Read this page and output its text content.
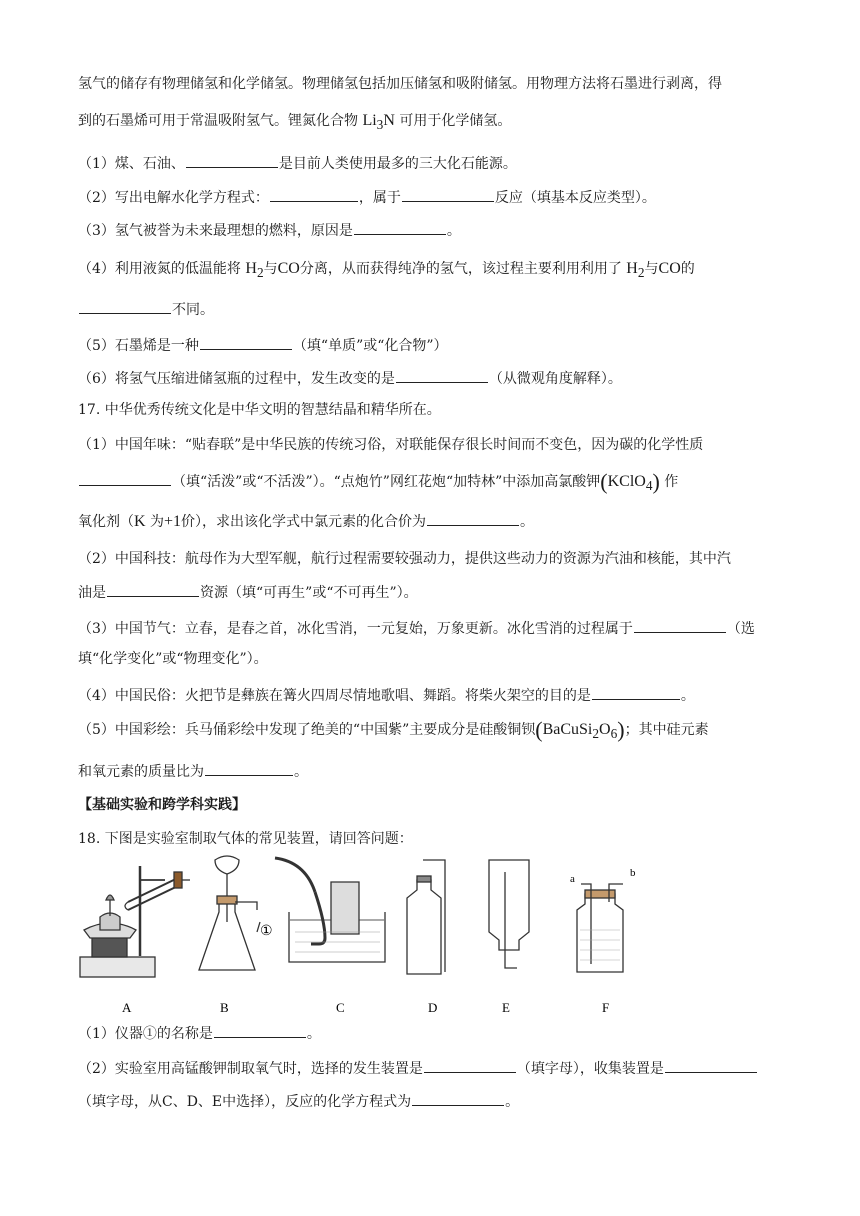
氢气的储存有物理储氢和化学储氢。物理储氢包括加压储氢和吸附储氢。用物理方法将石墨进行剥离，得
到的石墨烯可用于常温吸附氢气。锂氮化合物 $Li_3N$ 可用于化学储氢。
（1）煤、石油、	是目前人类使用最多的三大化石能源。
（2）写出电解水化学方程式：	，属于	反应（填基本反应类型）。
（3）氢气被誉为未来最理想的燃料，原因是	。
（4）利用液氮的低温能将 $H_2$与CO分离，从而获得纯净的氢气，该过程主要利用利用了 $H_2$与CO的
不同。
（5）石墨烯是一种	（填“单质”或“化合物”）
（6）将氢气压缩进储氢瓶的过程中，发生改变的是	（从微观角度解释）。
17. 中华优秀传统文化是中华文明的智慧结晶和精华所在。
（1）中国年味：“贴春联”是中华民族的传统习俗，对联能保存很长时间而不变色，因为碳的化学性质
（填“活泼”或“不活泼”）。“点炮竹”网红花炮“加特林”中添加高氯酸钾(KClO$_4$) 作
氧化剂（K 为+1价），求出该化学式中氯元素的化合价为	。
（2）中国科技：航母作为大型军舰，航行过程需要较强动力，提供这些动力的资源为汽油和核能，其中汽
油是	资源（填“可再生”或“不可再生”）。
（3）中国节气：立春，是春之首，冰化雪消，一元复始，万象更新。冰化雪消的过程属于	（选
填“化学变化”或“物理变化”）。
（4）中国民俗：火把节是彝族在篝火四周尽情地歌唱、舞蹈。将柴火架空的目的是	。
（5）中国彩绘：兵马俑彩绘中发现了绝美的“中国紫”主要成分是硅酸铜钡$(BaCuSi_2O_6)$；其中硅元素
和氧元素的质量比为	。
【基础实验和跨学科实践】
18. 下图是实验室制取气体的常见装置，请回答问题：
A	B	C	D	E	F
①
a	b
（1）仪器①的名称是	。
（2）实验室用高锰酸钾制取氧气时，选择的发生装置是	（填字母），收集装置是
（填字母，从C、D、E中选择），反应的化学方程式为	。
